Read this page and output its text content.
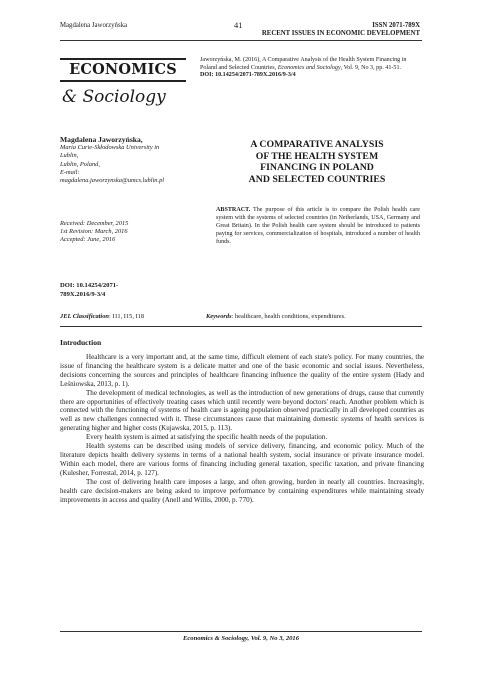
Magdalena Jaworzyńska	41	ISSN 2071-789X
RECENT ISSUES IN ECONOMIC DEVELOPMENT
ECONOMICS
& Sociology
Jaworzyńska, M. (2016), A Comparative Analysis of the Health System Financing in Poland and Selected Countries, Economics and Sociology, Vol. 9, No 3, pp. 41-51.
DOI: 10.14254/2071-789X.2016/9-3/4
Magdalena Jaworzyńska,
Maria Curie-Skłodowska University in
Lublin,
Lublin, Poland,
E-mail:
magdalena.jaworzynska@umcs.lublin.pl
Received: December, 2015
1st Revision: March, 2016
Accepted: June, 2016
DOI: 10.14254/2071-
789X.2016/9-3/4
A COMPARATIVE ANALYSIS
OF THE HEALTH SYSTEM
FINANCING IN POLAND
AND SELECTED COUNTRIES
ABSTRACT. The purpose of this article is to compare the Polish health care system with the systems of selected countries (in Netherlands, USA, Germany and Great Britain). In the Polish health care system should be introduced to patients paying for services, commercialization of hospitals, introduced a number of health funds.
JEL Classification: I11, I15, I18	Keywords: healthcare, health conditions, expenditures.
Introduction

Healthcare is a very important and, at the same time, difficult element of each state's policy. For many countries, the issue of financing the healthcare system is a delicate matter and one of the basic economic and social issues. Nevertheless, decisions concerning the sources and principles of healthcare financing influence the quality of the entire system (Hady and Leśniowska, 2013, p. 1).

The development of medical technologies, as well as the introduction of new generations of drugs, cause that currently there are opportunities of effectively treating cases which until recently were beyond doctors' reach. Another problem which is connected with the functioning of systems of health care is ageing population observed practically in all developed countries as well as new challenges connected with it. These circumstances cause that maintaining domestic systems of health services is generating higher and higher costs (Kujawska, 2015, p. 113).

Every health system is aimed at satisfying the specific health needs of the population.

Health systems can be described using models of service delivery, financing, and economic policy. Much of the literature depicts health delivery systems in terms of a national health system, social insurance or private insurance model. Within each model, there are various forms of financing including general taxation, specific taxation, and private financing (Kulesher, Forrestal, 2014, p. 127).

The cost of delivering health care imposes a large, and often growing, burden in nearly all countries. Increasingly, health care decision-makers are being asked to improve performance by containing expenditures while maintaining steady improvements in access and quality (Anell and Willis, 2000, p. 770).

Economics & Sociology, Vol. 9, No 3, 2016
